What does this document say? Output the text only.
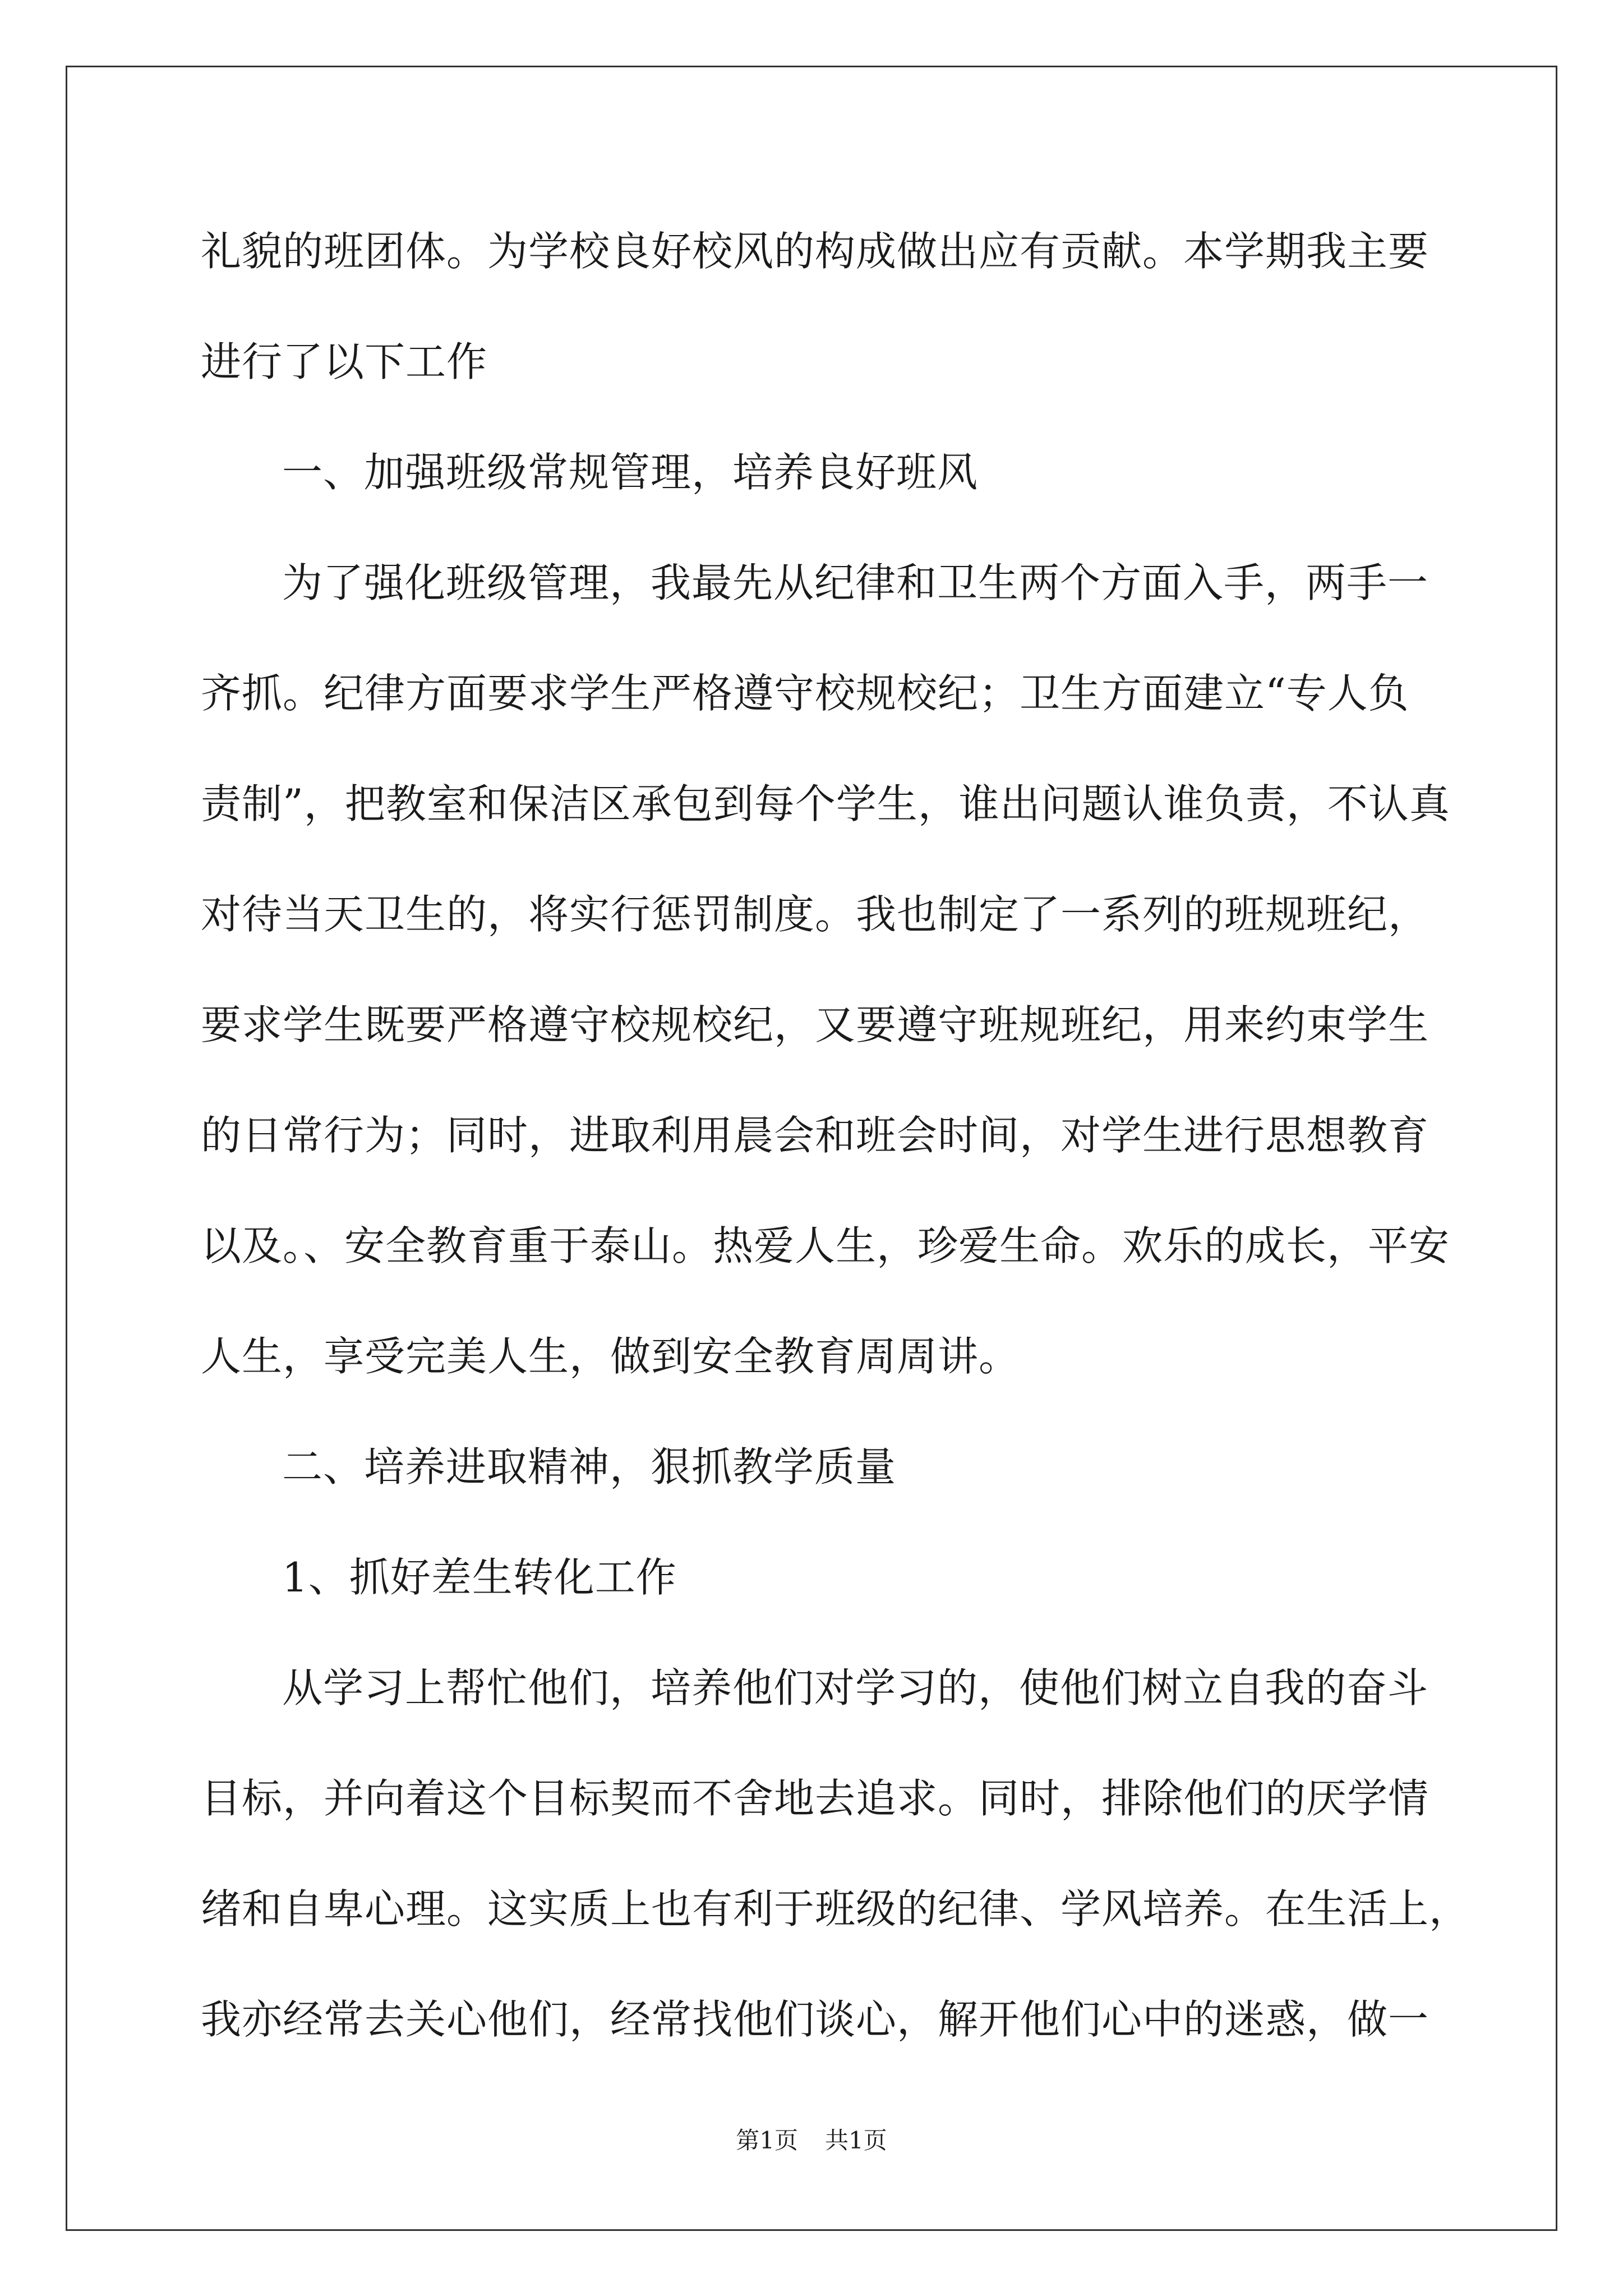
礼貌的班团体。为学校良好校风的构成做出应有贡献。本学期我主要
进行了以下工作
一、加强班级常规管理，培养良好班风
为了强化班级管理，我最先从纪律和卫生两个方面入手，两手一
齐抓。纪律方面要求学生严格遵守校规校纪；卫生方面建立“专人负
责制”，把教室和保洁区承包到每个学生，谁出问题认谁负责，不认真
对待当天卫生的，将实行惩罚制度。我也制定了一系列的班规班纪，
要求学生既要严格遵守校规校纪，又要遵守班规班纪，用来约束学生
的日常行为；同时，进取利用晨会和班会时间，对学生进行思想教育
以及。、安全教育重于泰山。热爱人生，珍爱生命。欢乐的成长，平安
人生，享受完美人生，做到安全教育周周讲。
二、培养进取精神，狠抓教学质量
1、抓好差生转化工作
从学习上帮忙他们，培养他们对学习的，使他们树立自我的奋斗
目标，并向着这个目标契而不舍地去追求。同时，排除他们的厌学情
绪和自卑心理。这实质上也有利于班级的纪律、学风培养。在生活上，
我亦经常去关心他们，经常找他们谈心，解开他们心中的迷惑，做一
第1页 共1页
